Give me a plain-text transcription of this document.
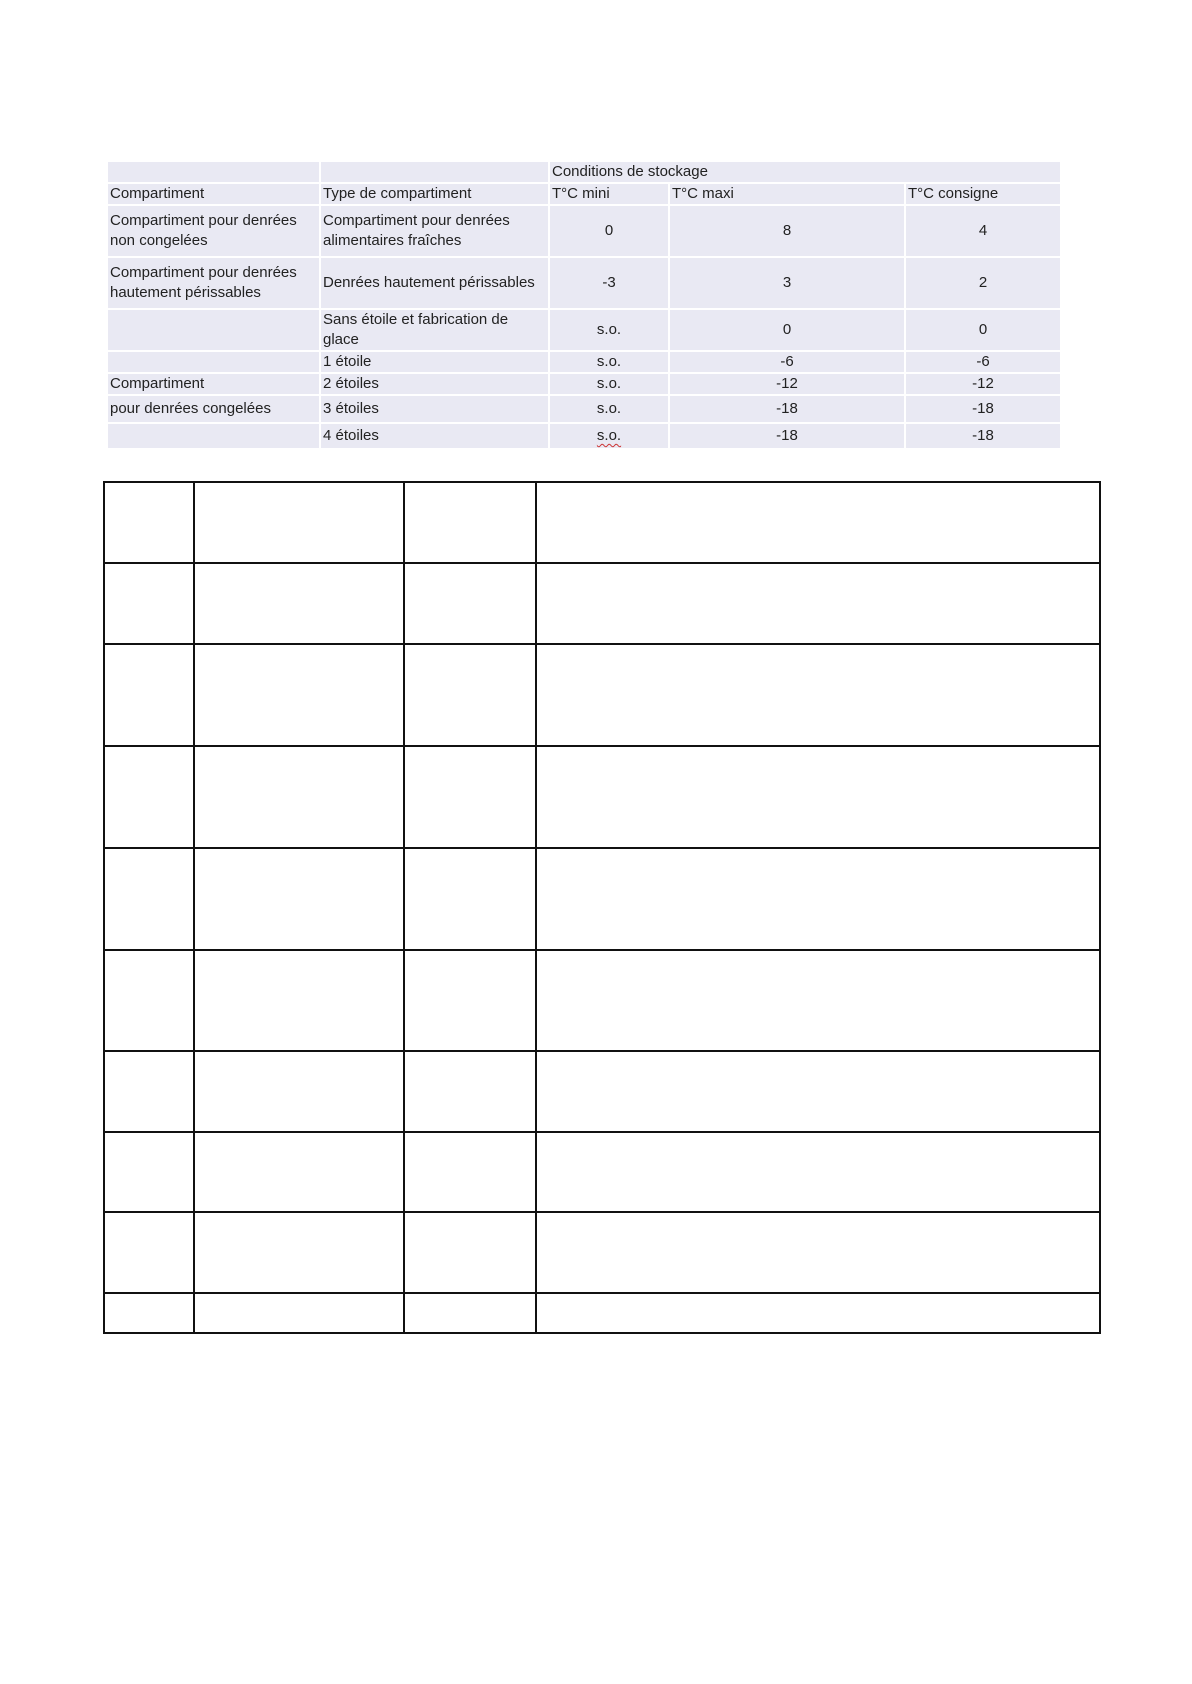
		Conditions de stockage		
Compartiment	Type de compartiment	T°C mini	T°C maxi	T°C consigne
Compartiment pour denrées non congelées	Compartiment pour denrées alimentaires fraîches	0	8	4
Compartiment pour denrées hautement périssables	Denrées hautement périssables	-3	3	2
	Sans étoile et fabrication de glace	s.o.	0	0
	1 étoile	s.o.	-6	-6
Compartiment	2 étoiles	s.o.	-12	-12
pour denrées congelées	3 étoiles	s.o.	-18	-18
	4 étoiles	s.o.	-18	-18
